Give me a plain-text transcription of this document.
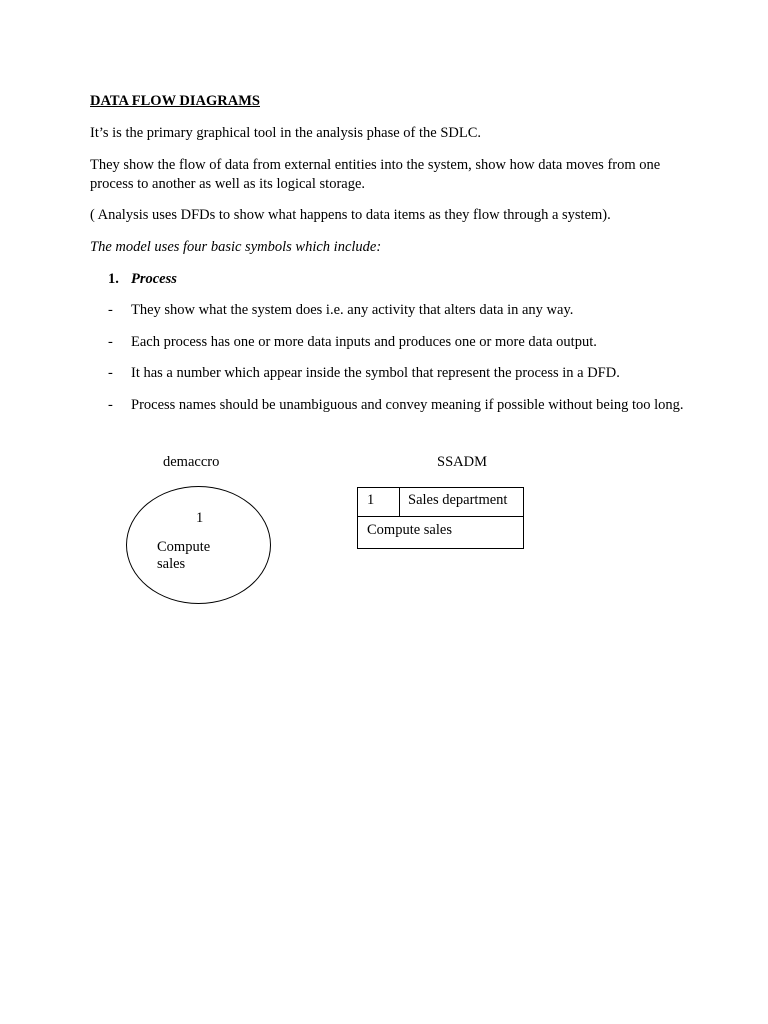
DATA FLOW DIAGRAMS
It’s is the primary graphical tool in the analysis phase of the SDLC.
They show the flow of data from external entities into the system, show how data moves from one
process to another as well as its logical storage.
( Analysis uses DFDs to show what happens to data items as they flow through a system).
The model uses four basic symbols which include:
1. Process
- They show what the system does i.e. any activity that alters data in any way.
- Each process has one or more data inputs and produces one or more data output.
- It has a number which appear inside the symbol that represent the process in a DFD.
- Process names should be unambiguous and convey meaning if possible without being too long.
demaccro
1
Compute
sales
SSADM
1 Sales department
Compute sales
